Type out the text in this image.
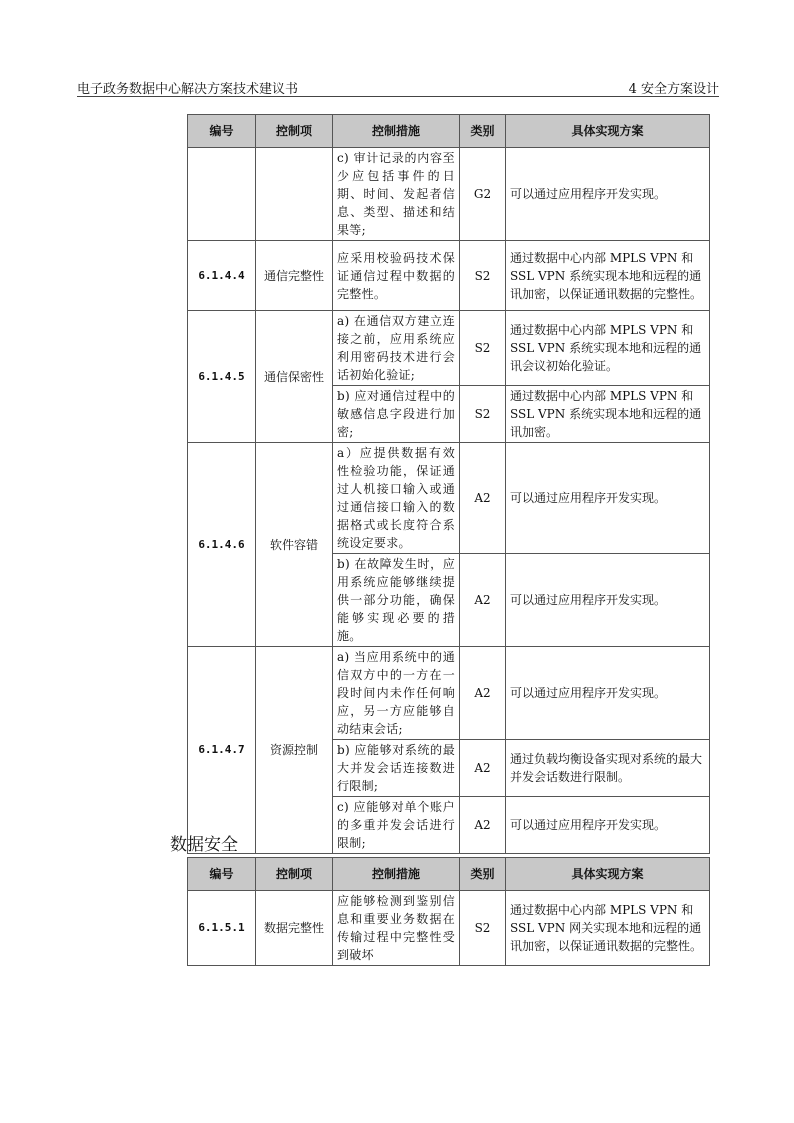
电子政务数据中心解决方案技术建议书	4 安全方案设计
编号	控制项	控制措施	类别	具体实现方案
		c) 审计记录的内容至少应包括事件的日期、时间、发起者信息、类型、描述和结果等;	G2	可以通过应用程序开发实现。
6.1.4.4	通信完整性	应采用校验码技术保证通信过程中数据的完整性。	S2	通过数据中心内部 MPLS VPN 和 SSL VPN 系统实现本地和远程的通讯加密，以保证通讯数据的完整性。
6.1.4.5	通信保密性	a) 在通信双方建立连接之前，应用系统应利用密码技术进行会话初始化验证;	S2	通过数据中心内部 MPLS VPN 和 SSL VPN 系统实现本地和远程的通讯会议初始化验证。
		b) 应对通信过程中的敏感信息字段进行加密;	S2	通过数据中心内部 MPLS VPN 和 SSL VPN 系统实现本地和远程的通讯加密。
6.1.4.6	软件容错	a）应提供数据有效性检验功能，保证通过人机接口输入或通过通信接口输入的数据格式或长度符合系统设定要求。	A2	可以通过应用程序开发实现。
		b) 在故障发生时，应用系统应能够继续提供一部分功能，确保能够实现必要的措施。	A2	可以通过应用程序开发实现。
6.1.4.7	资源控制	a) 当应用系统中的通信双方中的一方在一段时间内未作任何响应，另一方应能够自动结束会话;	A2	可以通过应用程序开发实现。
		b) 应能够对系统的最大并发会话连接数进行限制;	A2	通过负载均衡设备实现对系统的最大并发会话数进行限制。
		c) 应能够对单个账户的多重并发会话进行限制;	A2	可以通过应用程序开发实现。
数据安全
编号	控制项	控制措施	类别	具体实现方案
6.1.5.1	数据完整性	应能够检测到鉴别信息和重要业务数据在传输过程中完整性受到破坏	S2	通过数据中心内部 MPLS VPN 和 SSL VPN 网关实现本地和远程的通讯加密，以保证通讯数据的完整性。
